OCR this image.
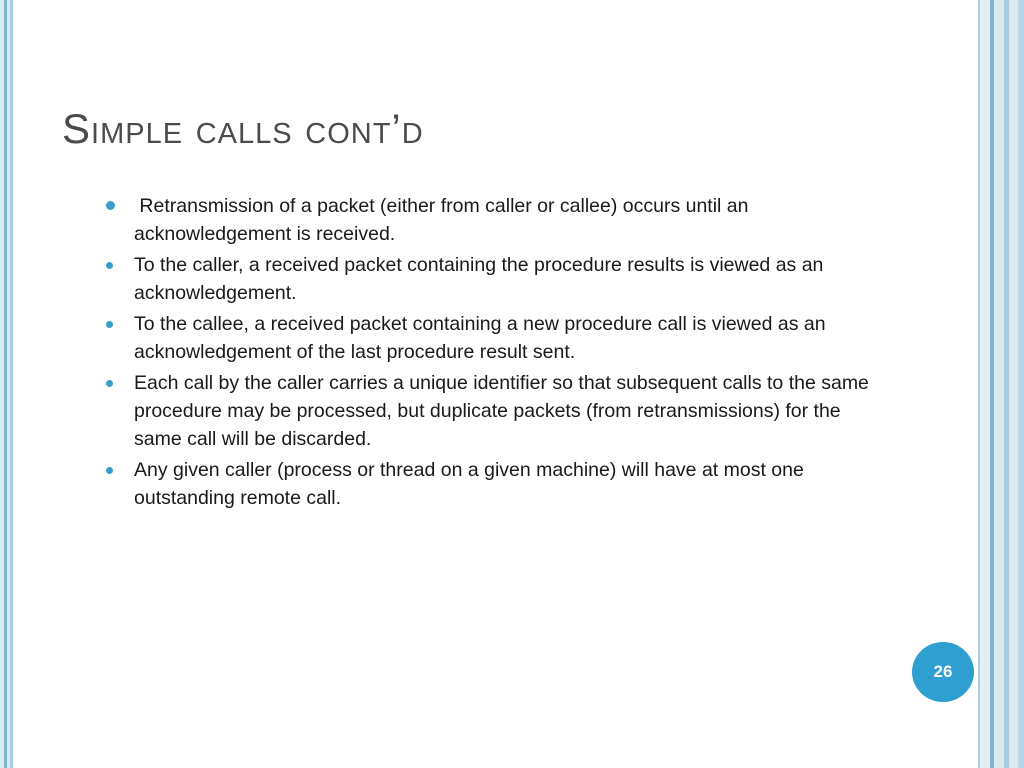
Simple calls cont’d
Retransmission of a packet (either from caller or callee) occurs until an acknowledgement is received.
To the caller, a received packet containing the procedure results is viewed as an acknowledgement.
To the callee, a received packet containing a new procedure call is viewed as an acknowledgement of the last procedure result sent.
Each call by the caller carries a unique identifier so that subsequent calls to the same procedure may be processed, but duplicate packets (from retransmissions) for the same call will be discarded.
Any given caller (process or thread on a given machine) will have at most one outstanding remote call.
26
